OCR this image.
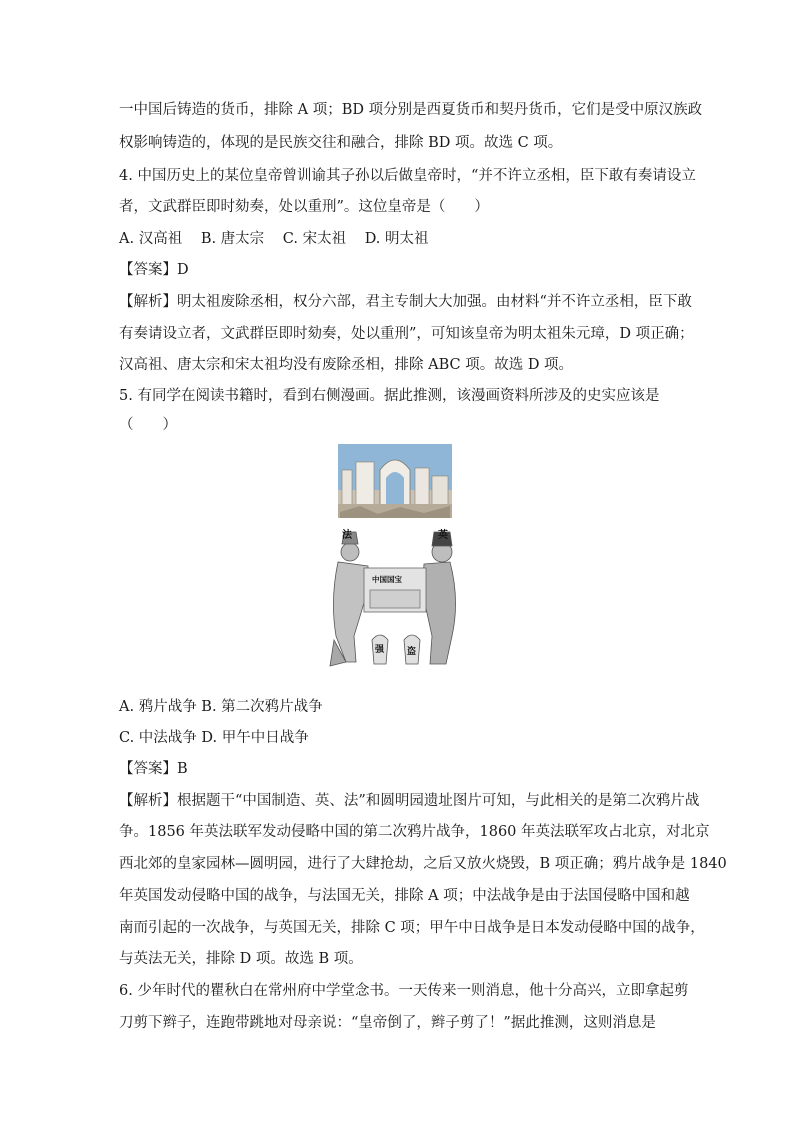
一中国后铸造的货币，排除 A 项；BD 项分别是西夏货币和契丹货币，它们是受中原汉族政
权影响铸造的，体现的是民族交往和融合，排除 BD 项。故选 C 项。
4. 中国历史上的某位皇帝曾训谕其子孙以后做皇帝时，“并不许立丞相，臣下敢有奏请设立
者，文武群臣即时劾奏，处以重刑”。这位皇帝是（　　）
A. 汉高祖 B. 唐太宗 C. 宋太祖 D. 明太祖
【答案】D
【解析】明太祖废除丞相，权分六部，君主专制大大加强。由材料“并不许立丞相，臣下敢
有奏请设立者，文武群臣即时劾奏，处以重刑”，可知该皇帝为明太祖朱元璋，D 项正确；
汉高祖、唐太宗和宋太祖均没有废除丞相，排除 ABC 项。故选 D 项。
5. 有同学在阅读书籍时，看到右侧漫画。据此推测，该漫画资料所涉及的史实应该是
（　　）
法	英
中国国宝
强	盗
A. 鸦片战争 B. 第二次鸦片战争
C. 中法战争 D. 甲午中日战争
【答案】B
【解析】根据题干“中国制造、英、法”和圆明园遗址图片可知，与此相关的是第二次鸦片战
争。1856 年英法联军发动侵略中国的第二次鸦片战争，1860 年英法联军攻占北京，对北京
西北郊的皇家园林—圆明园，进行了大肆抢劫，之后又放火烧毁，B 项正确；鸦片战争是 1840
年英国发动侵略中国的战争，与法国无关，排除 A 项；中法战争是由于法国侵略中国和越
南而引起的一次战争，与英国无关，排除 C 项；甲午中日战争是日本发动侵略中国的战争，
与英法无关，排除 D 项。故选 B 项。
6. 少年时代的瞿秋白在常州府中学堂念书。一天传来一则消息，他十分高兴，立即拿起剪
刀剪下辫子，连跑带跳地对母亲说：“皇帝倒了，辫子剪了！”据此推测，这则消息是
